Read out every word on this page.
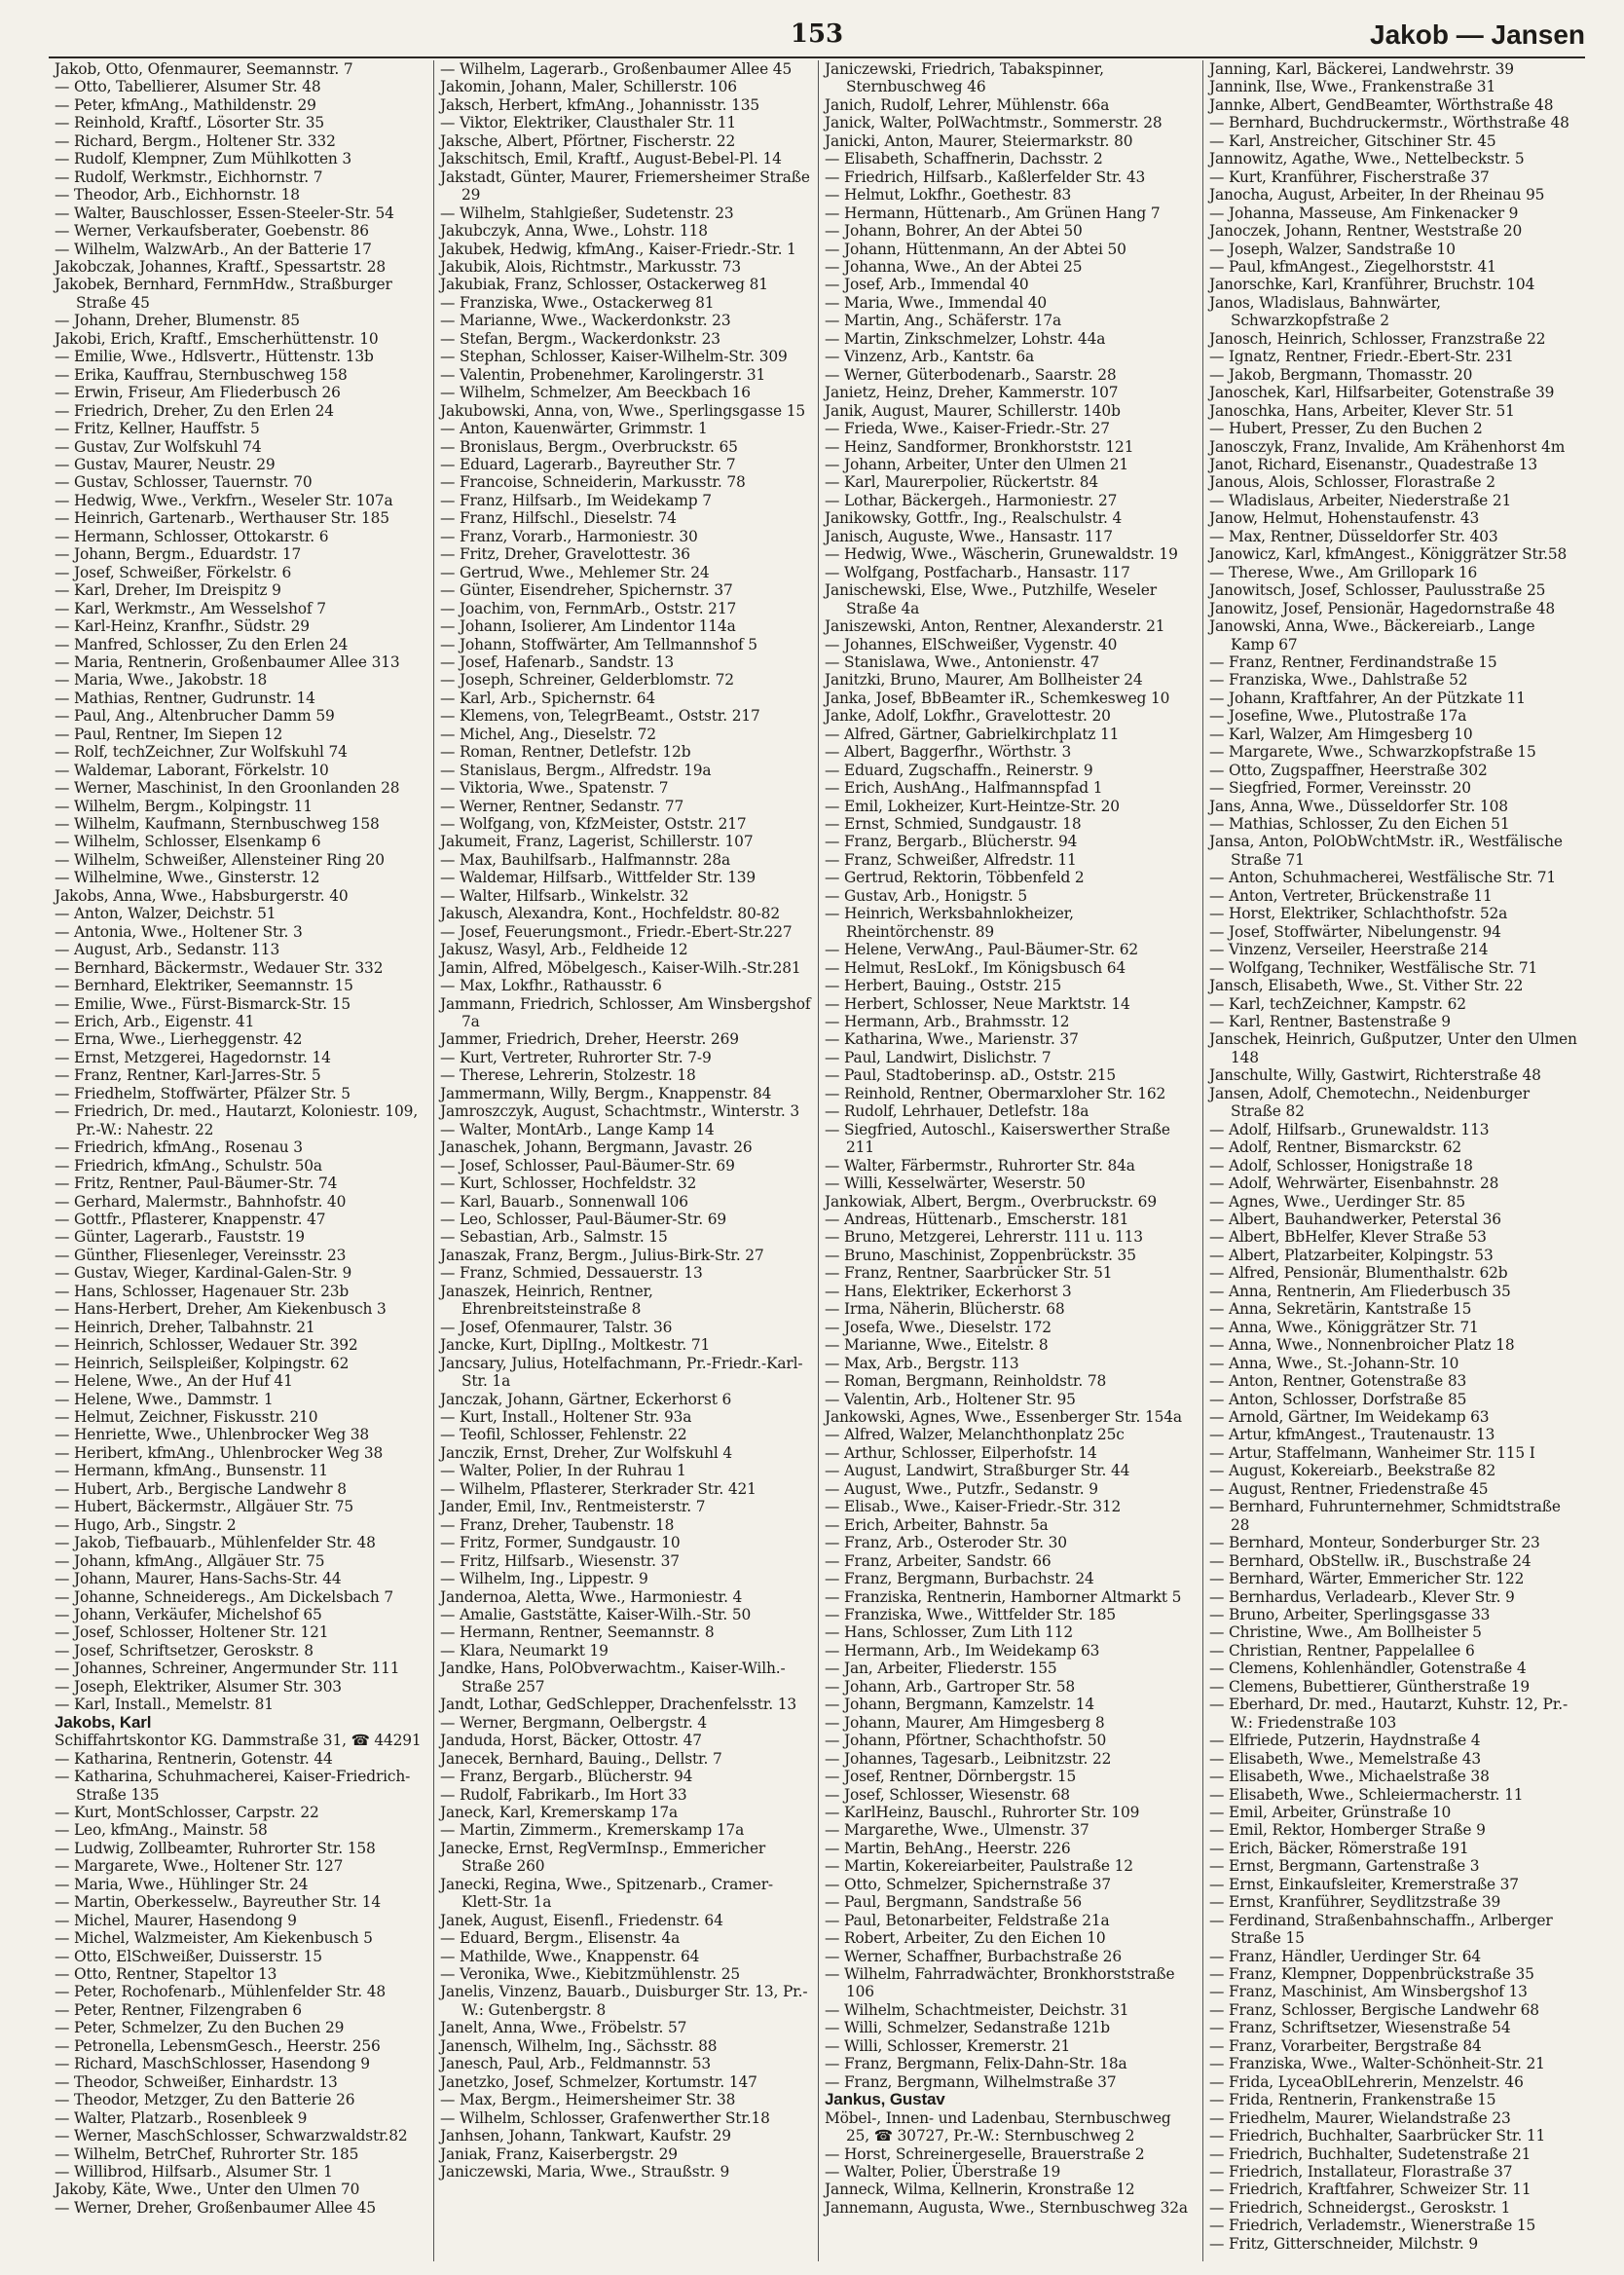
153	Jakob — Jansen
Jakob, Otto, Ofenmaurer, Seemannstr. 7
— Otto, Tabellierer, Alsumer Str. 48
— Peter, kfmAng., Mathildenstr. 29
— Reinhold, Kraftf., Lösorter Str. 35
— Richard, Bergm., Holtener Str. 332
— Rudolf, Klempner, Zum Mühlkotten 3
— Rudolf, Werkmstr., Eichhornstr. 7
— Theodor, Arb., Eichhornstr. 18
— Walter, Bauschlosser, Essen-Steeler-Str. 54
— Werner, Verkaufsberater, Goebenstr. 86
— Wilhelm, WalzwArb., An der Batterie 17
Jakobczak, Johannes, Kraftf., Spessartstr. 28
Jakobek, Bernhard, FernmHdw., Straßburger Straße 45
— Johann, Dreher, Blumenstr. 85
Jakobi, Erich, Kraftf., Emscherhüttenstr. 10
— Emilie, Wwe., Hdlsvertr., Hüttenstr. 13b
— Erika, Kauffrau, Sternbuschweg 158
— Erwin, Friseur, Am Fliederbusch 26
— Friedrich, Dreher, Zu den Erlen 24
— Fritz, Kellner, Hauffstr. 5
— Gustav, Zur Wolfskuhl 74
— Gustav, Maurer, Neustr. 29
— Gustav, Schlosser, Tauernstr. 70
— Hedwig, Wwe., Verkfrn., Weseler Str. 107a
— Heinrich, Gartenarb., Werthauser Str. 185
— Hermann, Schlosser, Ottokarstr. 6
— Johann, Bergm., Eduardstr. 17
— Josef, Schweißer, Förkelstr. 6
— Karl, Dreher, Im Dreispitz 9
— Karl, Werkmstr., Am Wesselshof 7
— Karl-Heinz, Kranfhr., Südstr. 29
— Manfred, Schlosser, Zu den Erlen 24
— Maria, Rentnerin, Großenbaumer Allee 313
— Maria, Wwe., Jakobstr. 18
— Mathias, Rentner, Gudrunstr. 14
— Paul, Ang., Altenbrucher Damm 59
— Paul, Rentner, Im Siepen 12
— Rolf, techZeichner, Zur Wolfskuhl 74
— Waldemar, Laborant, Förkelstr. 10
— Werner, Maschinist, In den Groonlanden 28
— Wilhelm, Bergm., Kolpingstr. 11
— Wilhelm, Kaufmann, Sternbuschweg 158
— Wilhelm, Schlosser, Elsenkamp 6
— Wilhelm, Schweißer, Allensteiner Ring 20
— Wilhelmine, Wwe., Ginsterstr. 12
Jakobs, Anna, Wwe., Habsburgerstr. 40
— Anton, Walzer, Deichstr. 51
— Antonia, Wwe., Holtener Str. 3
— August, Arb., Sedanstr. 113
— Bernhard, Bäckermstr., Wedauer Str. 332
— Bernhard, Elektriker, Seemannstr. 15
— Emilie, Wwe., Fürst-Bismarck-Str. 15
— Erich, Arb., Eigenstr. 41
— Erna, Wwe., Lierheggenstr. 42
— Ernst, Metzgerei, Hagedornstr. 14
— Franz, Rentner, Karl-Jarres-Str. 5
— Friedhelm, Stoffwärter, Pfälzer Str. 5
— Friedrich, Dr. med., Hautarzt, Koloniestr. 109, Pr.-W.: Nahestr. 22
— Friedrich, kfmAng., Rosenau 3
— Friedrich, kfmAng., Schulstr. 50a
— Fritz, Rentner, Paul-Bäumer-Str. 74
— Gerhard, Malermstr., Bahnhofstr. 40
— Gottfr., Pflasterer, Knappenstr. 47
— Günter, Lagerarb., Fauststr. 19
— Günther, Fliesenleger, Vereinsstr. 23
— Gustav, Wieger, Kardinal-Galen-Str. 9
— Hans, Schlosser, Hagenauer Str. 23b
— Hans-Herbert, Dreher, Am Kiekenbusch 3
— Heinrich, Dreher, Talbahnstr. 21
— Heinrich, Schlosser, Wedauer Str. 392
— Heinrich, Seilspleißer, Kolpingstr. 62
— Helene, Wwe., An der Huf 41
— Helene, Wwe., Dammstr. 1
— Helmut, Zeichner, Fiskusstr. 210
— Henriette, Wwe., Uhlenbrocker Weg 38
— Heribert, kfmAng., Uhlenbrocker Weg 38
— Hermann, kfmAng., Bunsenstr. 11
— Hubert, Arb., Bergische Landwehr 8
— Hubert, Bäckermstr., Allgäuer Str. 75
— Hugo, Arb., Singstr. 2
— Jakob, Tiefbauarb., Mühlenfelder Str. 48
— Johann, kfmAng., Allgäuer Str. 75
— Johann, Maurer, Hans-Sachs-Str. 44
— Johanne, Schneideregs., Am Dickelsbach 7
— Johann, Verkäufer, Michelshof 65
— Josef, Schlosser, Holtener Str. 121
— Josef, Schriftsetzer, Geroskstr. 8
— Johannes, Schreiner, Angermunder Str. 111
— Joseph, Elektriker, Alsumer Str. 303
— Karl, Install., Memelstr. 81
Jakobs, Karl
Schiffahrtskontor KG. Dammstraße 31, ☎ 44291
— Katharina, Rentnerin, Gotenstr. 44
— Katharina, Schuhmacherei, Kaiser-Friedrich-Straße 135
— Kurt, MontSchlosser, Carpstr. 22
— Leo, kfmAng., Mainstr. 58
— Ludwig, Zollbeamter, Ruhrorter Str. 158
— Margarete, Wwe., Holtener Str. 127
— Maria, Wwe., Hühlinger Str. 24
— Martin, Oberkesselw., Bayreuther Str. 14
— Michel, Maurer, Hasendong 9
— Michel, Walzmeister, Am Kiekenbusch 5
— Otto, ElSchweißer, Duisserstr. 15
— Otto, Rentner, Stapeltor 13
— Peter, Rochofenarb., Mühlenfelder Str. 48
— Peter, Rentner, Filzengraben 6
— Peter, Schmelzer, Zu den Buchen 29
— Petronella, LebensmGesch., Heerstr. 256
— Richard, MaschSchlosser, Hasendong 9
— Theodor, Schweißer, Einhardstr. 13
— Theodor, Metzger, Zu den Batterie 26
— Walter, Platzarb., Rosenbleek 9
— Werner, MaschSchlosser, Schwarzwaldstr.82
— Wilhelm, BetrChef, Ruhrorter Str. 185
— Willibrod, Hilfsarb., Alsumer Str. 1
Jakoby, Käte, Wwe., Unter den Ulmen 70
— Werner, Dreher, Großenbaumer Allee 45
— Wilhelm, Lagerarb., Großenbaumer Allee 45
Jakomin, Johann, Maler, Schillerstr. 106
Jaksch, Herbert, kfmAng., Johannisstr. 135
— Viktor, Elektriker, Clausthaler Str. 11
Jaksche, Albert, Pförtner, Fischerstr. 22
Jakschitsch, Emil, Kraftf., August-Bebel-Pl. 14
Jakstadt, Günter, Maurer, Friemersheimer Straße 29
— Wilhelm, Stahlgießer, Sudetenstr. 23
Jakubczyk, Anna, Wwe., Lohstr. 118
Jakubek, Hedwig, kfmAng., Kaiser-Friedr.-Str. 1
Jakubik, Alois, Richtmstr., Markusstr. 73
Jakubiak, Franz, Schlosser, Ostackerweg 81
— Franziska, Wwe., Ostackerweg 81
— Marianne, Wwe., Wackerdonkstr. 23
— Stefan, Bergm., Wackerdonkstr. 23
— Stephan, Schlosser, Kaiser-Wilhelm-Str. 309
— Valentin, Probenehmer, Karolingerstr. 31
— Wilhelm, Schmelzer, Am Beeckbach 16
Jakubowski, Anna, von, Wwe., Sperlingsgasse 15
— Anton, Kauenwärter, Grimmstr. 1
— Bronislaus, Bergm., Overbruckstr. 65
— Eduard, Lagerarb., Bayreuther Str. 7
— Francoise, Schneiderin, Markusstr. 78
— Franz, Hilfsarb., Im Weidekamp 7
— Franz, Hilfschl., Dieselstr. 74
— Franz, Vorarb., Harmoniestr. 30
— Fritz, Dreher, Gravelottestr. 36
— Gertrud, Wwe., Mehlemer Str. 24
— Günter, Eisendreher, Spichernstr. 37
— Joachim, von, FernmArb., Oststr. 217
— Johann, Isolierer, Am Lindentor 114a
— Johann, Stoffwärter, Am Tellmannshof 5
— Josef, Hafenarb., Sandstr. 13
— Joseph, Schreiner, Gelderblomstr. 72
— Karl, Arb., Spichernstr. 64
— Klemens, von, TelegrBeamt., Oststr. 217
— Michel, Ang., Dieselstr. 72
— Roman, Rentner, Detlefstr. 12b
— Stanislaus, Bergm., Alfredstr. 19a
— Viktoria, Wwe., Spatenstr. 7
— Werner, Rentner, Sedanstr. 77
— Wolfgang, von, KfzMeister, Oststr. 217
Jakumeit, Franz, Lagerist, Schillerstr. 107
— Max, Bauhilfsarb., Halfmannstr. 28a
— Waldemar, Hilfsarb., Wittfelder Str. 139
— Walter, Hilfsarb., Winkelstr. 32
Jakusch, Alexandra, Kont., Hochfeldstr. 80-82
— Josef, Feuerungsmont., Friedr.-Ebert-Str.227
Jakusz, Wasyl, Arb., Feldheide 12
Jamin, Alfred, Möbelgesch., Kaiser-Wilh.-Str.281
— Max, Lokfhr., Rathausstr. 6
Jammann, Friedrich, Schlosser, Am Winsbergshof 7a
Jammer, Friedrich, Dreher, Heerstr. 269
— Kurt, Vertreter, Ruhrorter Str. 7-9
— Therese, Lehrerin, Stolzestr. 18
Jammermann, Willy, Bergm., Knappenstr. 84
Jamroszczyk, August, Schachtmstr., Winterstr. 3
— Walter, MontArb., Lange Kamp 14
Janaschek, Johann, Bergmann, Javastr. 26
— Josef, Schlosser, Paul-Bäumer-Str. 69
— Kurt, Schlosser, Hochfeldstr. 32
— Karl, Bauarb., Sonnenwall 106
— Leo, Schlosser, Paul-Bäumer-Str. 69
— Sebastian, Arb., Salmstr. 15
Janaszak, Franz, Bergm., Julius-Birk-Str. 27
— Franz, Schmied, Dessauerstr. 13
Janaszek, Heinrich, Rentner, Ehrenbreitsteinstraße 8
— Josef, Ofenmaurer, Talstr. 36
Jancke, Kurt, DiplIng., Moltkestr. 71
Jancsary, Julius, Hotelfachmann, Pr.-Friedr.-Karl-Str. 1a
Janczak, Johann, Gärtner, Eckerhorst 6
— Kurt, Install., Holtener Str. 93a
— Teofil, Schlosser, Fehlenstr. 22
Janczik, Ernst, Dreher, Zur Wolfskuhl 4
— Walter, Polier, In der Ruhrau 1
— Wilhelm, Pflasterer, Sterkrader Str. 421
Jander, Emil, Inv., Rentmeisterstr. 7
— Franz, Dreher, Taubenstr. 18
— Fritz, Former, Sundgaustr. 10
— Fritz, Hilfsarb., Wiesenstr. 37
— Wilhelm, Ing., Lippestr. 9
Jandernoa, Aletta, Wwe., Harmoniestr. 4
— Amalie, Gaststätte, Kaiser-Wilh.-Str. 50
— Hermann, Rentner, Seemannstr. 8
— Klara, Neumarkt 19
Jandke, Hans, PolObverwachtm., Kaiser-Wilh.-Straße 257
Jandt, Lothar, GedSchlepper, Drachenfelsstr. 13
— Werner, Bergmann, Oelbergstr. 4
Janduda, Horst, Bäcker, Ottostr. 47
Janecek, Bernhard, Bauing., Dellstr. 7
— Franz, Bergarb., Blücherstr. 94
— Rudolf, Fabrikarb., Im Hort 33
Janeck, Karl, Kremerskamp 17a
— Martin, Zimmerm., Kremerskamp 17a
Janecke, Ernst, RegVermInsp., Emmericher Straße 260
Janecki, Regina, Wwe., Spitzenarb., Cramer-Klett-Str. 1a
Janek, August, Eisenfl., Friedenstr. 64
— Eduard, Bergm., Elisenstr. 4a
— Mathilde, Wwe., Knappenstr. 64
— Veronika, Wwe., Kiebitzmühlenstr. 25
Janelis, Vinzenz, Bauarb., Duisburger Str. 13, Pr.-W.: Gutenbergstr. 8
Janelt, Anna, Wwe., Fröbelstr. 57
Janensch, Wilhelm, Ing., Sächsstr. 88
Janesch, Paul, Arb., Feldmannstr. 53
Janetzko, Josef, Schmelzer, Kortumstr. 147
— Max, Bergm., Heimersheimer Str. 38
— Wilhelm, Schlosser, Grafenwerther Str.18
Janhsen, Johann, Tankwart, Kaufstr. 29
Janiak, Franz, Kaiserbergstr. 29
Janiczewski, Maria, Wwe., Straußstr. 9
Janiczewski, Friedrich, Tabakspinner, Sternbuschweg 46
Janich, Rudolf, Lehrer, Mühlenstr. 66a
Janick, Walter, PolWachtmstr., Sommerstr. 28
Janicki, Anton, Maurer, Steiermarkstr. 80
— Elisabeth, Schaffnerin, Dachsstr. 2
— Friedrich, Hilfsarb., Kaßlerfelder Str. 43
— Helmut, Lokfhr., Goethestr. 83
— Hermann, Hüttenarb., Am Grünen Hang 7
— Johann, Bohrer, An der Abtei 50
— Johann, Hüttenmann, An der Abtei 50
— Johanna, Wwe., An der Abtei 25
— Josef, Arb., Immendal 40
— Maria, Wwe., Immendal 40
— Martin, Ang., Schäferstr. 17a
— Martin, Zinkschmelzer, Lohstr. 44a
— Vinzenz, Arb., Kantstr. 6a
— Werner, Güterbodenarb., Saarstr. 28
Janietz, Heinz, Dreher, Kammerstr. 107
Janik, August, Maurer, Schillerstr. 140b
— Frieda, Wwe., Kaiser-Friedr.-Str. 27
— Heinz, Sandformer, Bronkhorststr. 121
— Johann, Arbeiter, Unter den Ulmen 21
— Karl, Maurerpolier, Rückertstr. 84
— Lothar, Bäckergeh., Harmoniestr. 27
Janikowsky, Gottfr., Ing., Realschulstr. 4
Janisch, Auguste, Wwe., Hansastr. 117
— Hedwig, Wwe., Wäscherin, Grunewaldstr. 19
— Wolfgang, Postfacharb., Hansastr. 117
Janischewski, Else, Wwe., Putzhilfe, Weseler Straße 4a
Janiszewski, Anton, Rentner, Alexanderstr. 21
— Johannes, ElSchweißer, Vygenstr. 40
— Stanislawa, Wwe., Antonienstr. 47
Janitzki, Bruno, Maurer, Am Bollheister 24
Janka, Josef, BbBeamter iR., Schemkesweg 10
Janke, Adolf, Lokfhr., Gravelottestr. 20
— Alfred, Gärtner, Gabrielkirchplatz 11
— Albert, Baggerfhr., Wörthstr. 3
— Eduard, Zugschaffn., Reinerstr. 9
— Erich, AushAng., Halfmannspfad 1
— Emil, Lokheizer, Kurt-Heintze-Str. 20
— Ernst, Schmied, Sundgaustr. 18
— Franz, Bergarb., Blücherstr. 94
— Franz, Schweißer, Alfredstr. 11
— Gertrud, Rektorin, Többenfeld 2
— Gustav, Arb., Honigstr. 5
— Heinrich, Werksbahnlokheizer, Rheintörchenstr. 89
— Helene, VerwAng., Paul-Bäumer-Str. 62
— Helmut, ResLokf., Im Königsbusch 64
— Herbert, Bauing., Oststr. 215
— Herbert, Schlosser, Neue Marktstr. 14
— Hermann, Arb., Brahmsstr. 12
— Katharina, Wwe., Marienstr. 37
— Paul, Landwirt, Dislichstr. 7
— Paul, Stadtoberinsp. aD., Oststr. 215
— Reinhold, Rentner, Obermarxloher Str. 162
— Rudolf, Lehrhauer, Detlefstr. 18a
— Siegfried, Autoschl., Kaiserswerther Straße 211
— Walter, Färbermstr., Ruhrorter Str. 84a
— Willi, Kesselwärter, Weserstr. 50
Jankowiak, Albert, Bergm., Overbruckstr. 69
— Andreas, Hüttenarb., Emscherstr. 181
— Bruno, Metzgerei, Lehrerstr. 111 u. 113
— Bruno, Maschinist, Zoppenbrückstr. 35
— Franz, Rentner, Saarbrücker Str. 51
— Hans, Elektriker, Eckerhorst 3
— Irma, Näherin, Blücherstr. 68
— Josefa, Wwe., Dieselstr. 172
— Marianne, Wwe., Eitelstr. 8
— Max, Arb., Bergstr. 113
— Roman, Bergmann, Reinholdstr. 78
— Valentin, Arb., Holtener Str. 95
Jankowski, Agnes, Wwe., Essenberger Str. 154a
— Alfred, Walzer, Melanchthonplatz 25c
— Arthur, Schlosser, Eilperhofstr. 14
— August, Landwirt, Straßburger Str. 44
— August, Wwe., Putzfr., Sedanstr. 9
— Elisab., Wwe., Kaiser-Friedr.-Str. 312
— Erich, Arbeiter, Bahnstr. 5a
— Franz, Arb., Osteroder Str. 30
— Franz, Arbeiter, Sandstr. 66
— Franz, Bergmann, Burbachstr. 24
— Franziska, Rentnerin, Hamborner Altmarkt 5
— Franziska, Wwe., Wittfelder Str. 185
— Hans, Schlosser, Zum Lith 112
— Hermann, Arb., Im Weidekamp 63
— Jan, Arbeiter, Fliederstr. 155
— Johann, Arb., Gartroper Str. 58
— Johann, Bergmann, Kamzelstr. 14
— Johann, Maurer, Am Himgesberg 8
— Johann, Pförtner, Schachthofstr. 50
— Johannes, Tagesarb., Leibnitzstr. 22
— Josef, Rentner, Dörnbergstr. 15
— Josef, Schlosser, Wiesenstr. 68
— KarlHeinz, Bauschl., Ruhrorter Str. 109
— Margarethe, Wwe., Ulmenstr. 37
— Martin, BehAng., Heerstr. 226
— Martin, Kokereiarbeiter, Paulstraße 12
— Otto, Schmelzer, Spichernstraße 37
— Paul, Bergmann, Sandstraße 56
— Paul, Betonarbeiter, Feldstraße 21a
— Robert, Arbeiter, Zu den Eichen 10
— Werner, Schaffner, Burbachstraße 26
— Wilhelm, Fahrradwächter, Bronkhorststraße 106
— Wilhelm, Schachtmeister, Deichstr. 31
— Willi, Schmelzer, Sedanstraße 121b
— Willi, Schlosser, Kremerstr. 21
— Franz, Bergmann, Felix-Dahn-Str. 18a
— Franz, Bergmann, Wilhelmstraße 37
Jankus, Gustav
Möbel-, Innen- und Ladenbau, Sternbuschweg 25, ☎ 30727, Pr.-W.: Sternbuschweg 2
— Horst, Schreinergeselle, Brauerstraße 2
— Walter, Polier, Überstraße 19
Janneck, Wilma, Kellnerin, Kronstraße 12
Jannemann, Augusta, Wwe., Sternbuschweg 32a
Janning, Karl, Bäckerei, Landwehrstr. 39
Jannink, Ilse, Wwe., Frankenstraße 31
Jannke, Albert, GendBeamter, Wörthstraße 48
— Bernhard, Buchdruckermstr., Wörthstraße 48
— Karl, Anstreicher, Gitschiner Str. 45
Jannowitz, Agathe, Wwe., Nettelbeckstr. 5
— Kurt, Kranführer, Fischerstraße 37
Janocha, August, Arbeiter, In der Rheinau 95
— Johanna, Masseuse, Am Finkenacker 9
Janoczek, Johann, Rentner, Weststraße 20
— Joseph, Walzer, Sandstraße 10
— Paul, kfmAngest., Ziegelhorststr. 41
Janorschke, Karl, Kranführer, Bruchstr. 104
Janos, Wladislaus, Bahnwärter, Schwarzkopfstraße 2
Janosch, Heinrich, Schlosser, Franzstraße 22
— Ignatz, Rentner, Friedr.-Ebert-Str. 231
— Jakob, Bergmann, Thomasstr. 20
Janoschek, Karl, Hilfsarbeiter, Gotenstraße 39
Janoschka, Hans, Arbeiter, Klever Str. 51
— Hubert, Presser, Zu den Buchen 2
Janosczyk, Franz, Invalide, Am Krähenhorst 4m
Janot, Richard, Eisenanstr., Quadestraße 13
Janous, Alois, Schlosser, Florastraße 2
— Wladislaus, Arbeiter, Niederstraße 21
Janow, Helmut, Hohenstaufenstr. 43
— Max, Rentner, Düsseldorfer Str. 403
Janowicz, Karl, kfmAngest., Königgrätzer Str.58
— Therese, Wwe., Am Grillopark 16
Janowitsch, Josef, Schlosser, Paulusstraße 25
Janowitz, Josef, Pensionär, Hagedornstraße 48
Janowski, Anna, Wwe., Bäckereiarb., Lange Kamp 67
— Franz, Rentner, Ferdinandstraße 15
— Franziska, Wwe., Dahlstraße 52
— Johann, Kraftfahrer, An der Pützkate 11
— Josefine, Wwe., Plutostraße 17a
— Karl, Walzer, Am Himgesberg 10
— Margarete, Wwe., Schwarzkopfstraße 15
— Otto, Zugspaffner, Heerstraße 302
— Siegfried, Former, Vereinsstr. 20
Jans, Anna, Wwe., Düsseldorfer Str. 108
— Mathias, Schlosser, Zu den Eichen 51
Jansa, Anton, PolObWchtMstr. iR., Westfälische Straße 71
— Anton, Schuhmacherei, Westfälische Str. 71
— Anton, Vertreter, Brückenstraße 11
— Horst, Elektriker, Schlachthofstr. 52a
— Josef, Stoffwärter, Nibelungenstr. 94
— Vinzenz, Verseiler, Heerstraße 214
— Wolfgang, Techniker, Westfälische Str. 71
Jansch, Elisabeth, Wwe., St. Vither Str. 22
— Karl, techZeichner, Kampstr. 62
— Karl, Rentner, Bastenstraße 9
Janschek, Heinrich, Gußputzer, Unter den Ulmen 148
Janschulte, Willy, Gastwirt, Richterstraße 48
Jansen, Adolf, Chemotechn., Neidenburger Straße 82
— Adolf, Hilfsarb., Grunewaldstr. 113
— Adolf, Rentner, Bismarckstr. 62
— Adolf, Schlosser, Honigstraße 18
— Adolf, Wehrwärter, Eisenbahnstr. 28
— Agnes, Wwe., Uerdinger Str. 85
— Albert, Bauhandwerker, Peterstal 36
— Albert, BbHelfer, Klever Straße 53
— Albert, Platzarbeiter, Kolpingstr. 53
— Alfred, Pensionär, Blumenthalstr. 62b
— Anna, Rentnerin, Am Fliederbusch 35
— Anna, Sekretärin, Kantstraße 15
— Anna, Wwe., Königgrätzer Str. 71
— Anna, Wwe., Nonnenbroicher Platz 18
— Anna, Wwe., St.-Johann-Str. 10
— Anton, Rentner, Gotenstraße 83
— Anton, Schlosser, Dorfstraße 85
— Arnold, Gärtner, Im Weidekamp 63
— Artur, kfmAngest., Trautenaustr. 13
— Artur, Staffelmann, Wanheimer Str. 115 I
— August, Kokereiarb., Beekstraße 82
— August, Rentner, Friedenstraße 45
— Bernhard, Fuhrunternehmer, Schmidtstraße 28
— Bernhard, Monteur, Sonderburger Str. 23
— Bernhard, ObStellw. iR., Buschstraße 24
— Bernhard, Wärter, Emmericher Str. 122
— Bernhardus, Verladearb., Klever Str. 9
— Bruno, Arbeiter, Sperlingsgasse 33
— Christine, Wwe., Am Bollheister 5
— Christian, Rentner, Pappelallee 6
— Clemens, Kohlenhändler, Gotenstraße 4
— Clemens, Bubettierer, Güntherstraße 19
— Eberhard, Dr. med., Hautarzt, Kuhstr. 12, Pr.-W.: Friedenstraße 103
— Elfriede, Putzerin, Haydnstraße 4
— Elisabeth, Wwe., Memelstraße 43
— Elisabeth, Wwe., Michaelstraße 38
— Elisabeth, Wwe., Schleiermacherstr. 11
— Emil, Arbeiter, Grünstraße 10
— Emil, Rektor, Homberger Straße 9
— Erich, Bäcker, Römerstraße 191
— Ernst, Bergmann, Gartenstraße 3
— Ernst, Einkaufsleiter, Kremerstraße 37
— Ernst, Kranführer, Seydlitzstraße 39
— Ferdinand, Straßenbahnschaffn., Arlberger Straße 15
— Franz, Händler, Uerdinger Str. 64
— Franz, Klempner, Doppenbrückstraße 35
— Franz, Maschinist, Am Winsbergshof 13
— Franz, Schlosser, Bergische Landwehr 68
— Franz, Schriftsetzer, Wiesenstraße 54
— Franz, Vorarbeiter, Bergstraße 84
— Franziska, Wwe., Walter-Schönheit-Str. 21
— Frida, LyceaOblLehrerin, Menzelstr. 46
— Frida, Rentnerin, Frankenstraße 15
— Friedhelm, Maurer, Wielandstraße 23
— Friedrich, Buchhalter, Saarbrücker Str. 11
— Friedrich, Buchhalter, Sudetenstraße 21
— Friedrich, Installateur, Florastraße 37
— Friedrich, Kraftfahrer, Schweizer Str. 11
— Friedrich, Schneidergst., Geroskstr. 1
— Friedrich, Verlademstr., Wienerstraße 15
— Fritz, Gitterschneider, Milchstr. 9
